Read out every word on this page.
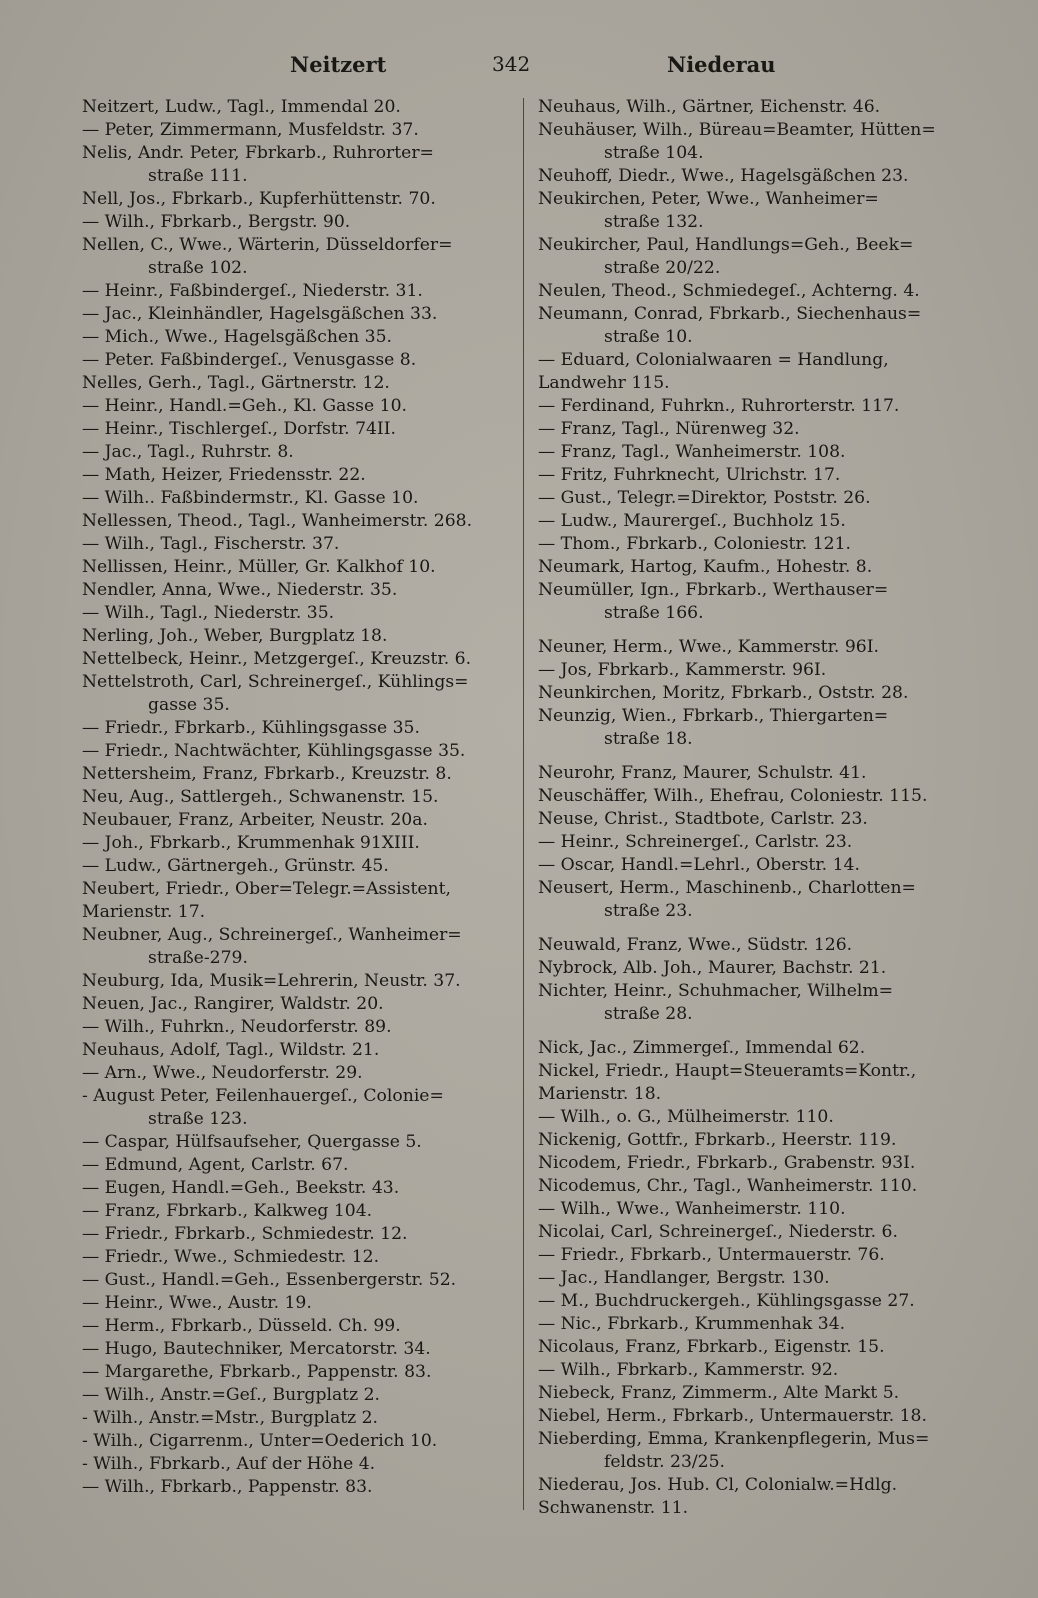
Neitzert	342	Niederau
Neitzert, Ludw., Tagl., Immendal 20.
— Peter, Zimmermann, Musfeldstr. 37.
Nelis, Andr. Peter, Fbrkarb., Ruhrorter=
straße 111.
Nell, Jos., Fbrkarb., Kupferhüttenstr. 70.
— Wilh., Fbrkarb., Bergstr. 90.
Nellen, C., Wwe., Wärterin, Düsseldorfer=
straße 102.
— Heinr., Faßbindergeſ., Niederstr. 31.
— Jac., Kleinhändler, Hagelsgäßchen 33.
— Mich., Wwe., Hagelsgäßchen 35.
— Peter. Faßbindergeſ., Venusgasse 8.
Nelles, Gerh., Tagl., Gärtnerstr. 12.
— Heinr., Handl.=Geh., Kl. Gasse 10.
— Heinr., Tischlergeſ., Dorfstr. 74II.
— Jac., Tagl., Ruhrstr. 8.
— Math, Heizer, Friedensstr. 22.
— Wilh.. Faßbindermstr., Kl. Gasse 10.
Nellessen, Theod., Tagl., Wanheimerstr. 268.
— Wilh., Tagl., Fischerstr. 37.
Nellissen, Heinr., Müller, Gr. Kalkhof 10.
Nendler, Anna, Wwe., Niederstr. 35.
— Wilh., Tagl., Niederstr. 35.
Nerling, Joh., Weber, Burgplatz 18.
Nettelbeck, Heinr., Metzgergeſ., Kreuzstr. 6.
Nettelstroth, Carl, Schreinergeſ., Kühlings=
gasse 35.
— Friedr., Fbrkarb., Kühlingsgasse 35.
— Friedr., Nachtwächter, Kühlingsgasse 35.
Nettersheim, Franz, Fbrkarb., Kreuzstr. 8.
Neu, Aug., Sattlergeh., Schwanenstr. 15.
Neubauer, Franz, Arbeiter, Neustr. 20a.
— Joh., Fbrkarb., Krummenhak 91XIII.
— Ludw., Gärtnergeh., Grünstr. 45.
Neubert, Friedr., Ober=Telegr.=Assistent,
Marienstr. 17.
Neubner, Aug., Schreinergeſ., Wanheimer=
straße-279.
Neuburg, Ida, Musik=Lehrerin, Neustr. 37.
Neuen, Jac., Rangirer, Waldstr. 20.
— Wilh., Fuhrkn., Neudorferstr. 89.
Neuhaus, Adolf, Tagl., Wildstr. 21.
— Arn., Wwe., Neudorferstr. 29.
- August Peter, Feilenhauergeſ., Colonie=
straße 123.
— Caspar, Hülfsaufseher, Quergasse 5.
— Edmund, Agent, Carlstr. 67.
— Eugen, Handl.=Geh., Beekstr. 43.
— Franz, Fbrkarb., Kalkweg 104.
— Friedr., Fbrkarb., Schmiedestr. 12.
— Friedr., Wwe., Schmiedestr. 12.
— Gust., Handl.=Geh., Essenbergerstr. 52.
— Heinr., Wwe., Austr. 19.
— Herm., Fbrkarb., Düsseld. Ch. 99.
— Hugo, Bautechniker, Mercatorstr. 34.
— Margarethe, Fbrkarb., Pappenstr. 83.
— Wilh., Anstr.=Geſ., Burgplatz 2.
- Wilh., Anstr.=Mstr., Burgplatz 2.
- Wilh., Cigarrenm., Unter=Oederich 10.
- Wilh., Fbrkarb., Auf der Höhe 4.
— Wilh., Fbrkarb., Pappenstr. 83.
Neuhaus, Wilh., Gärtner, Eichenstr. 46.
Neuhäuser, Wilh., Büreau=Beamter, Hütten=
straße 104.
Neuhoff, Diedr., Wwe., Hagelsgäßchen 23.
Neukirchen, Peter, Wwe., Wanheimer=
straße 132.
Neukircher, Paul, Handlungs=Geh., Beek=
straße 20/22.
Neulen, Theod., Schmiedegeſ., Achterng. 4.
Neumann, Conrad, Fbrkarb., Siechenhaus=
straße 10.
— Eduard, Colonialwaaren = Handlung,
Landwehr 115.
— Ferdinand, Fuhrkn., Ruhrorterstr. 117.
— Franz, Tagl., Nürenweg 32.
— Franz, Tagl., Wanheimerstr. 108.
— Fritz, Fuhrknecht, Ulrichstr. 17.
— Gust., Telegr.=Direktor, Poststr. 26.
— Ludw., Maurergeſ., Buchholz 15.
— Thom., Fbrkarb., Coloniestr. 121.
Neumark, Hartog, Kaufm., Hohestr. 8.
Neumüller, Ign., Fbrkarb., Werthauser=
straße 166.
Neuner, Herm., Wwe., Kammerstr. 96I.
— Jos, Fbrkarb., Kammerstr. 96I.
Neunkirchen, Moritz, Fbrkarb., Oststr. 28.
Neunzig, Wien., Fbrkarb., Thiergarten=
straße 18.
Neurohr, Franz, Maurer, Schulstr. 41.
Neuschäffer, Wilh., Ehefrau, Coloniestr. 115.
Neuse, Christ., Stadtbote, Carlstr. 23.
— Heinr., Schreinergeſ., Carlstr. 23.
— Oscar, Handl.=Lehrl., Oberstr. 14.
Neusert, Herm., Maschinenb., Charlotten=
straße 23.
Neuwald, Franz, Wwe., Südstr. 126.
Nybrock, Alb. Joh., Maurer, Bachstr. 21.
Nichter, Heinr., Schuhmacher, Wilhelm=
straße 28.
Nick, Jac., Zimmergeſ., Immendal 62.
Nickel, Friedr., Haupt=Steueramts=Kontr.,
Marienstr. 18.
— Wilh., o. G., Mülheimerstr. 110.
Nickenig, Gottfr., Fbrkarb., Heerstr. 119.
Nicodem, Friedr., Fbrkarb., Grabenstr. 93I.
Nicodemus, Chr., Tagl., Wanheimerstr. 110.
— Wilh., Wwe., Wanheimerstr. 110.
Nicolai, Carl, Schreinergeſ., Niederstr. 6.
— Friedr., Fbrkarb., Untermauerstr. 76.
— Jac., Handlanger, Bergstr. 130.
— M., Buchdruckergeh., Kühlingsgasse 27.
— Nic., Fbrkarb., Krummenhak 34.
Nicolaus, Franz, Fbrkarb., Eigenstr. 15.
— Wilh., Fbrkarb., Kammerstr. 92.
Niebeck, Franz, Zimmerm., Alte Markt 5.
Niebel, Herm., Fbrkarb., Untermauerstr. 18.
Nieberding, Emma, Krankenpflegerin, Mus=
feldstr. 23/25.
Niederau, Jos. Hub. Cl, Colonialw.=Hdlg.
Schwanenstr. 11.
